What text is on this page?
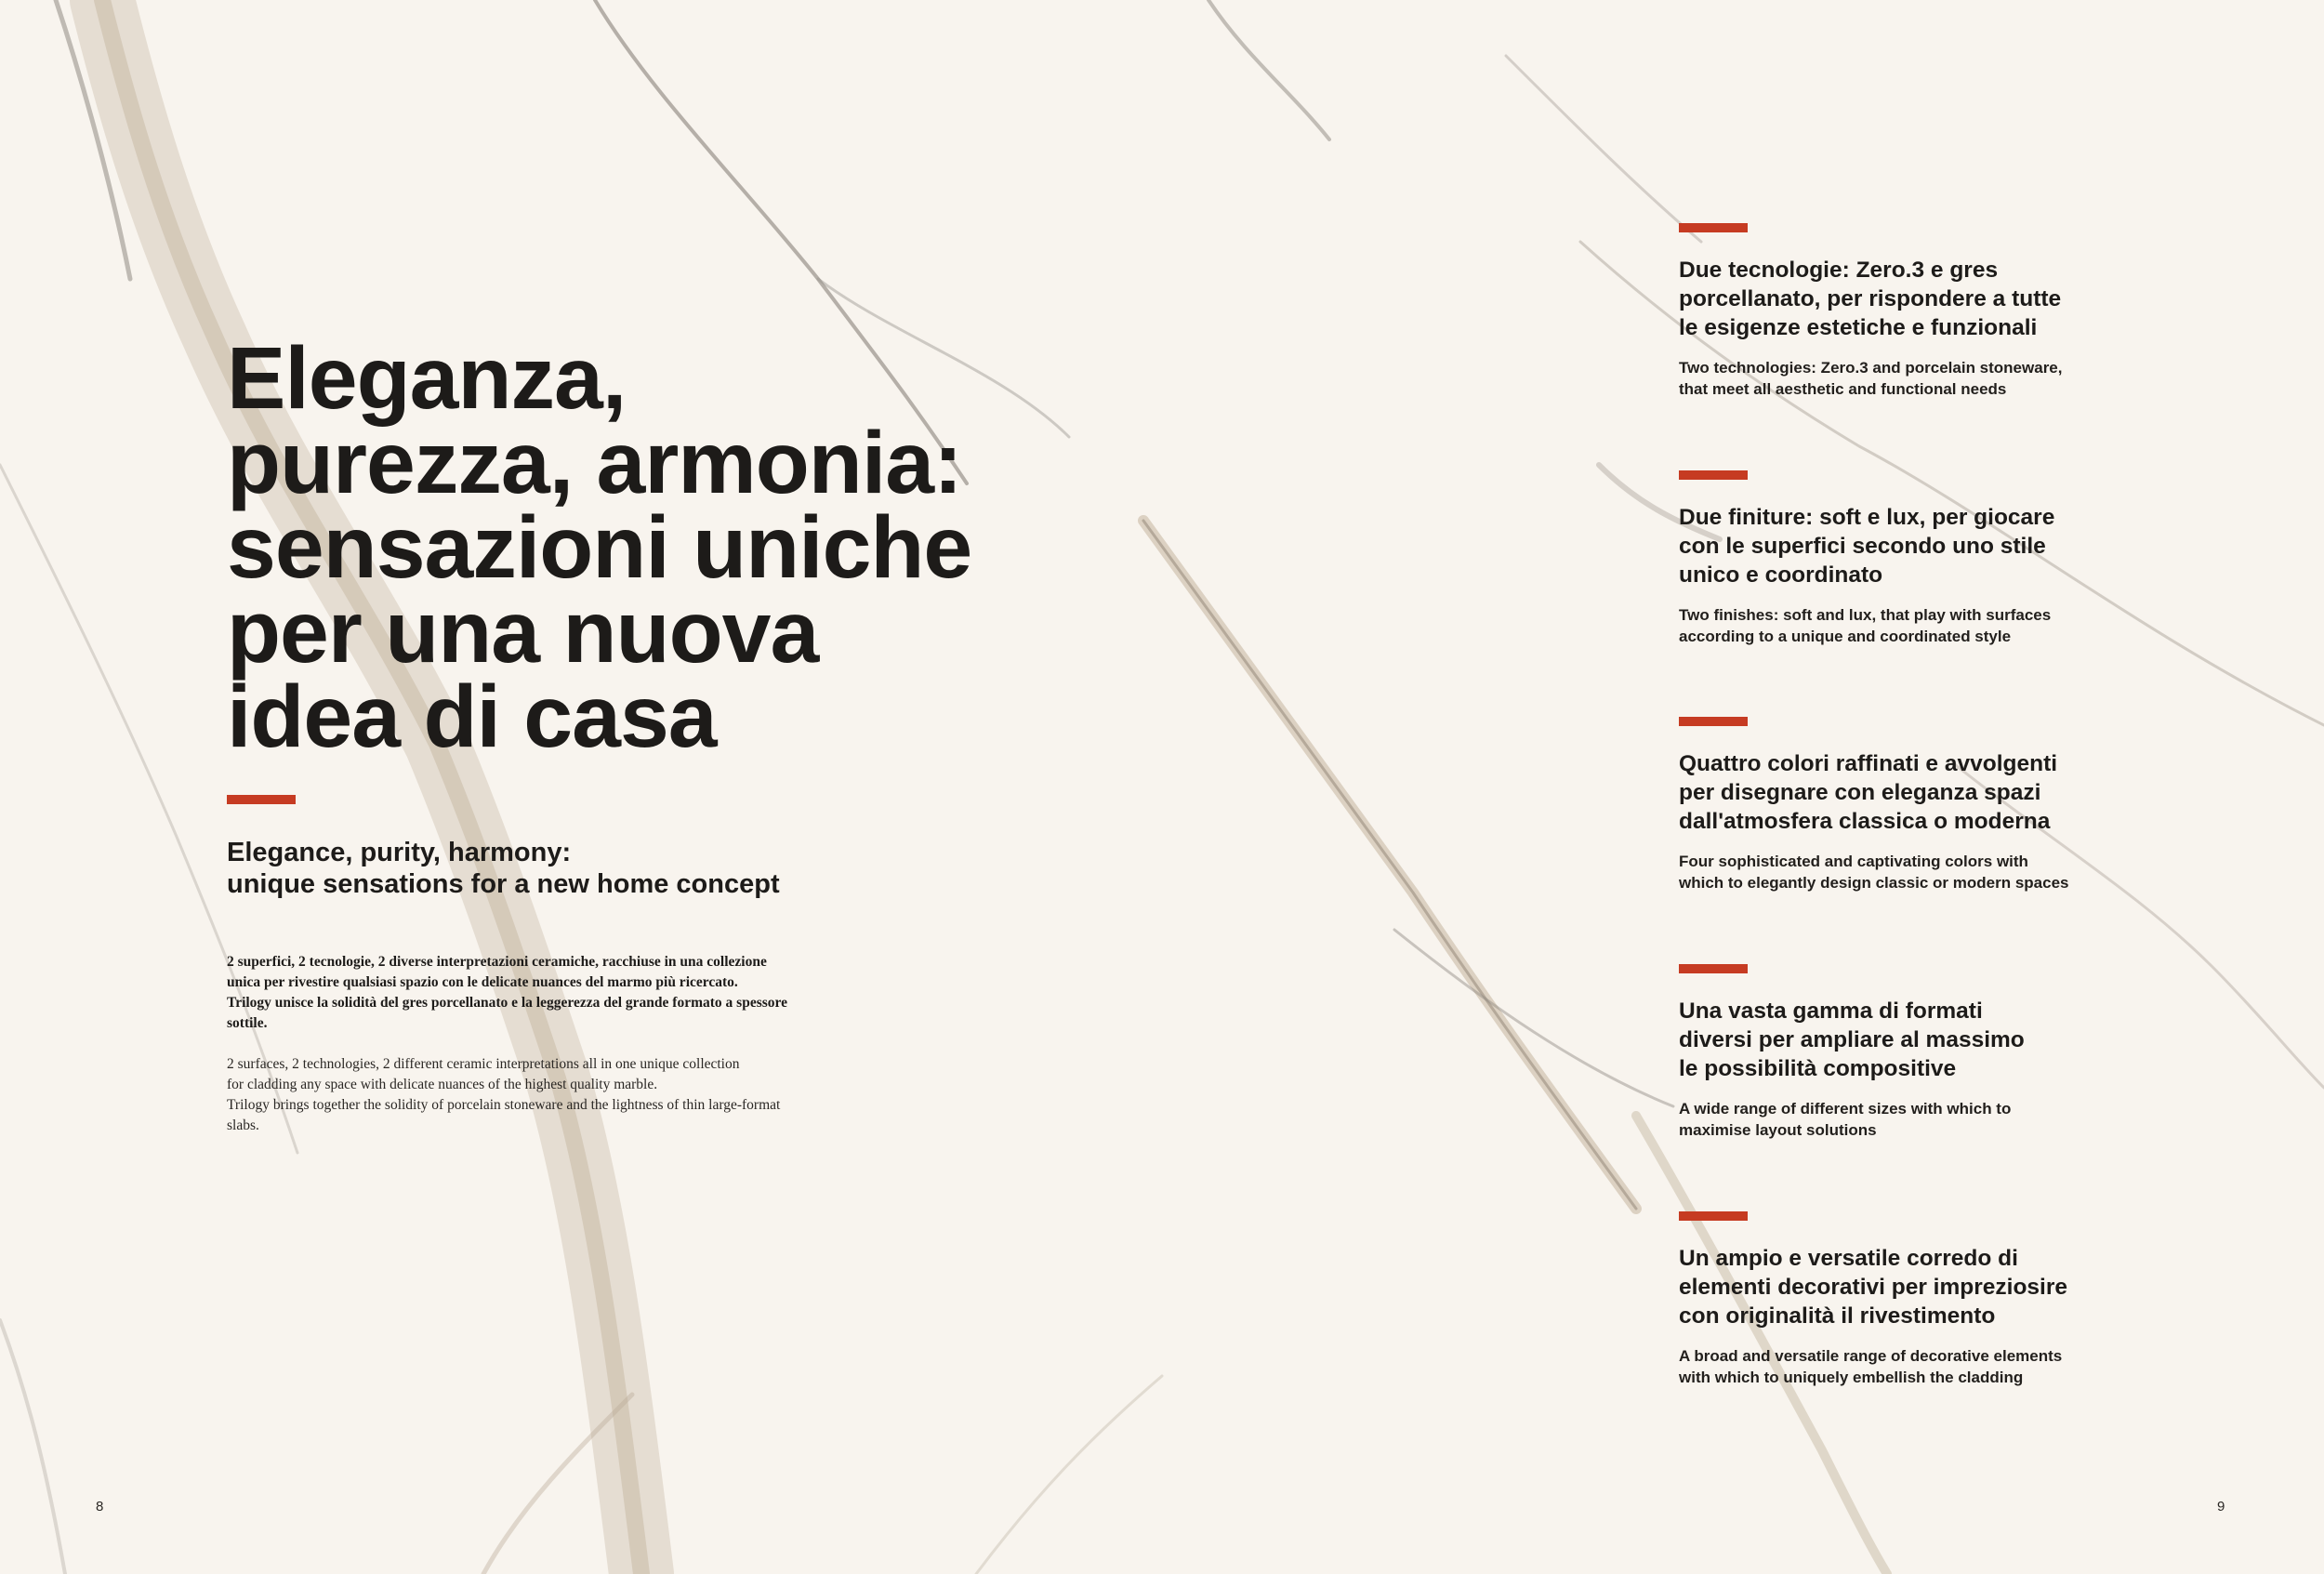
Eleganza,
purezza, armonia:
sensazioni uniche
per una nuova
idea di casa
Elegance, purity, harmony:
unique sensations for a new home concept

2 superfici, 2 tecnologie, 2 diverse interpretazioni ceramiche, racchiuse in una collezione
unica per rivestire qualsiasi spazio con le delicate nuances del marmo più ricercato.
Trilogy unisce la solidità del gres porcellanato e la leggerezza del grande formato a spessore
sottile.

2 surfaces, 2 technologies, 2 different ceramic interpretations all in one unique collection
for cladding any space with delicate nuances of the highest quality marble.
Trilogy brings together the solidity of porcelain stoneware and the lightness of thin large-format
slabs.

Due tecnologie: Zero.3 e gres
porcellanato, per rispondere a tutte
le esigenze estetiche e funzionali
Two technologies: Zero.3 and porcelain stoneware,
that meet all aesthetic and functional needs
Due finiture: soft e lux, per giocare
con le superfici secondo uno stile
unico e coordinato
Two finishes: soft and lux, that play with surfaces
according to a unique and coordinated style
Quattro colori raffinati e avvolgenti
per disegnare con eleganza spazi
dall'atmosfera classica o moderna
Four sophisticated and captivating colors with
which to elegantly design classic or modern spaces
Una vasta gamma di formati
diversi per ampliare al massimo
le possibilità compositive
A wide range of different sizes with which to
maximise layout solutions
Un ampio e versatile corredo di
elementi decorativi per impreziosire
con originalità il rivestimento
A broad and versatile range of decorative elements
with which to uniquely embellish the cladding
8	9
